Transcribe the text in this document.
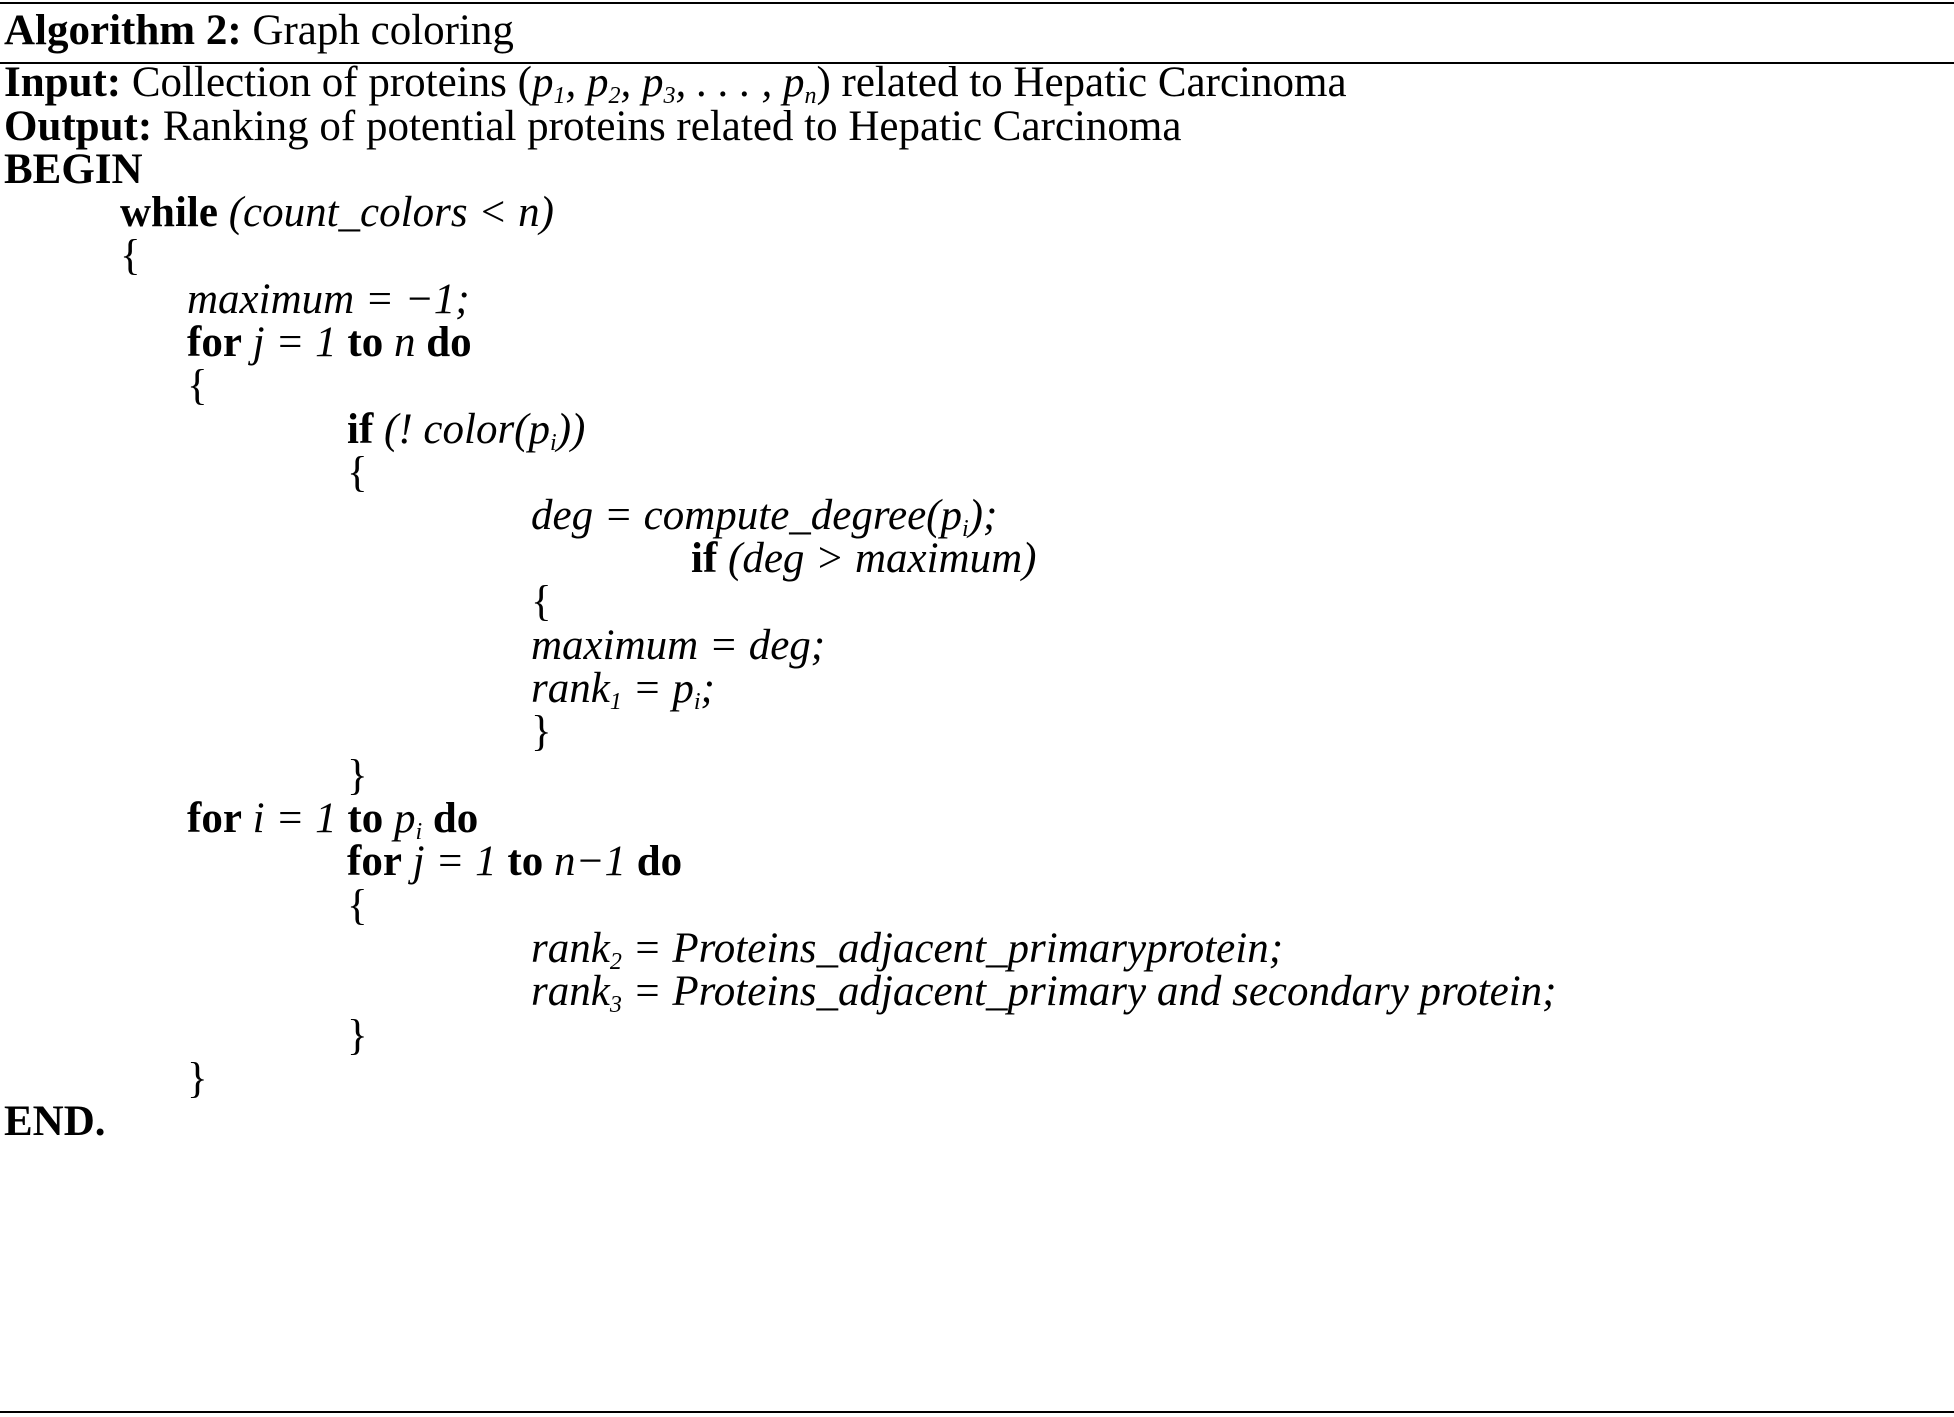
Algorithm 2: Graph coloring
Input: Collection of proteins ($p_1$, $p_2$, $p_3$, . . . , $p_n$) related to Hepatic Carcinoma
Output: Ranking of potential proteins related to Hepatic Carcinoma
BEGIN
while (count_colors < n)
{
maximum = −1;
for j = 1 to n do
{
if (! $color(p_i)$)
{
deg = $compute\_degree(p_i)$;
if (deg > maximum)
{
maximum = deg;
rank$_1$ = $p_i$;
}
}
for i = 1 to $p_i$ do
for j = 1 to n−1 do
{
rank$_2$ = Proteins_adjacent_primaryprotein;
rank$_3$ = Proteins_adjacent_primary and secondary protein;
}
}
END.
